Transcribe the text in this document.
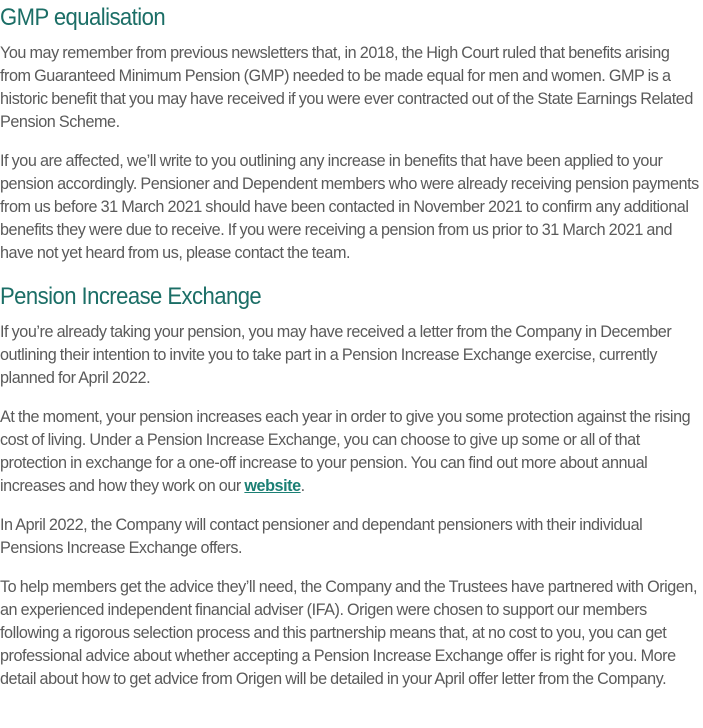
GMP equalisation

You may remember from previous newsletters that, in 2018, the High Court ruled that benefits arising from Guaranteed Minimum Pension (GMP) needed to be made equal for men and women. GMP is a historic benefit that you may have received if you were ever contracted out of the State Earnings Related Pension Scheme.

If you are affected, we’ll write to you outlining any increase in benefits that have been applied to your pension accordingly. Pensioner and Dependent members who were already receiving pension payments from us before 31 March 2021 should have been contacted in November 2021 to confirm any additional benefits they were due to receive. If you were receiving a pension from us prior to 31 March 2021 and have not yet heard from us, please contact the team.

Pension Increase Exchange

If you’re already taking your pension, you may have received a letter from the Company in December outlining their intention to invite you to take part in a Pension Increase Exchange exercise, currently planned for April 2022.

At the moment, your pension increases each year in order to give you some protection against the rising cost of living. Under a Pension Increase Exchange, you can choose to give up some or all of that protection in exchange for a one-off increase to your pension. You can find out more about annual increases and how they work on our website.

In April 2022, the Company will contact pensioner and dependant pensioners with their individual Pensions Increase Exchange offers.

To help members get the advice they’ll need, the Company and the Trustees have partnered with Origen, an experienced independent financial adviser (IFA). Origen were chosen to support our members following a rigorous selection process and this partnership means that, at no cost to you, you can get professional advice about whether accepting a Pension Increase Exchange offer is right for you. More detail about how to get advice from Origen will be detailed in your April offer letter from the Company.
